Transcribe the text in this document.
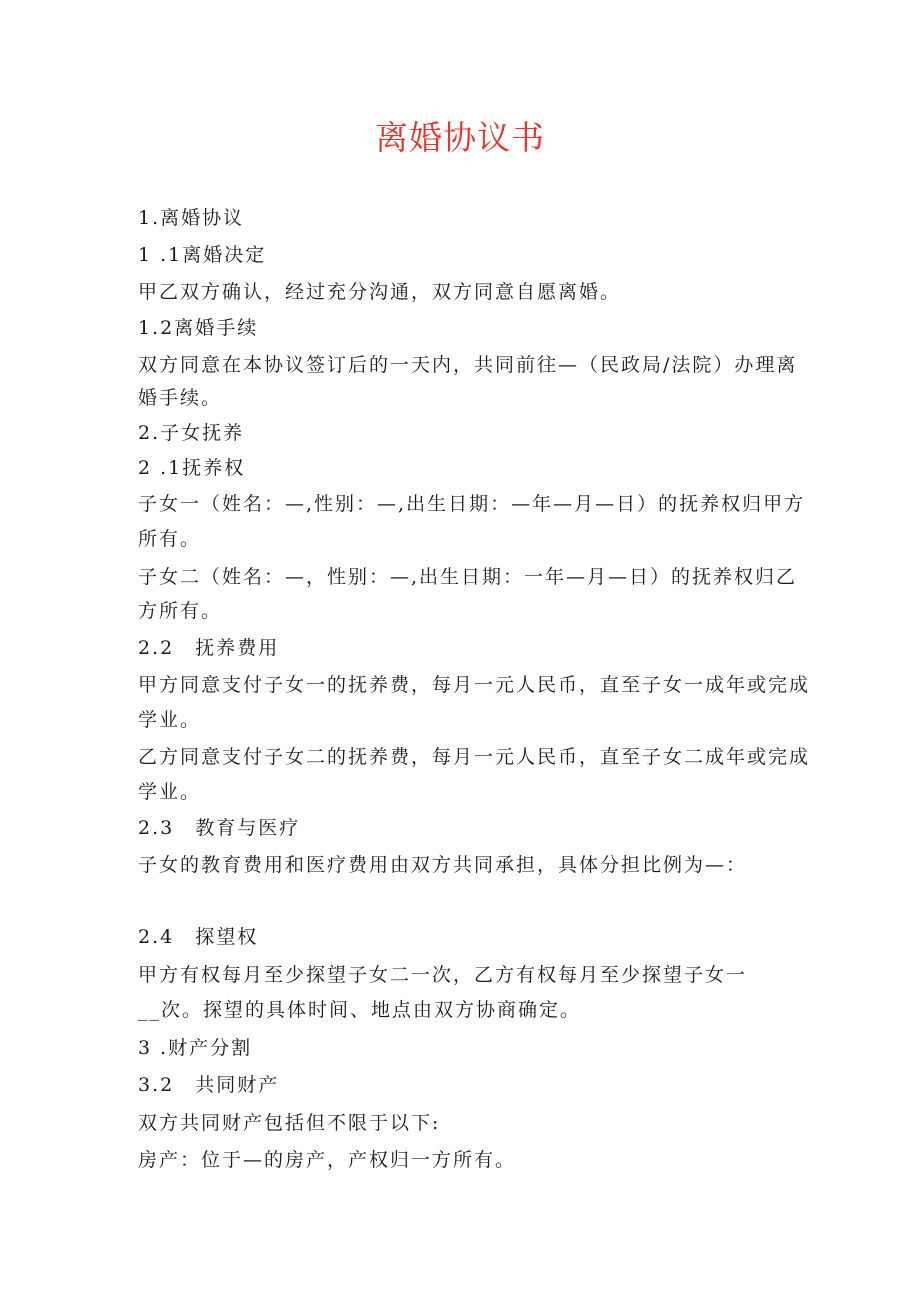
离婚协议书
1.离婚协议
1 .1离婚决定
甲乙双方确认，经过充分沟通，双方同意自愿离婚。
1.2离婚手续
双方同意在本协议签订后的一天内，共同前往—（民政局/法院）办理离
婚手续。
2.子女抚养
2 .1抚养权
子女一（姓名：—,性别：—,出生日期：—年—月—日）的抚养权归甲方
所有。
子女二（姓名：—，性别：—,出生日期：一年—月—日）的抚养权归乙
方所有。
2.2　抚养费用
甲方同意支付子女一的抚养费，每月一元人民币，直至子女一成年或完成
学业。
乙方同意支付子女二的抚养费，每月一元人民币，直至子女二成年或完成
学业。
2.3　教育与医疗
子女的教育费用和医疗费用由双方共同承担，具体分担比例为—：
2.4　探望权
甲方有权每月至少探望子女二一次，乙方有权每月至少探望子女一
__次。探望的具体时间、地点由双方协商确定。
3 .财产分割
3.2　共同财产
双方共同财产包括但不限于以下:
房产：位于—的房产，产权归一方所有。
